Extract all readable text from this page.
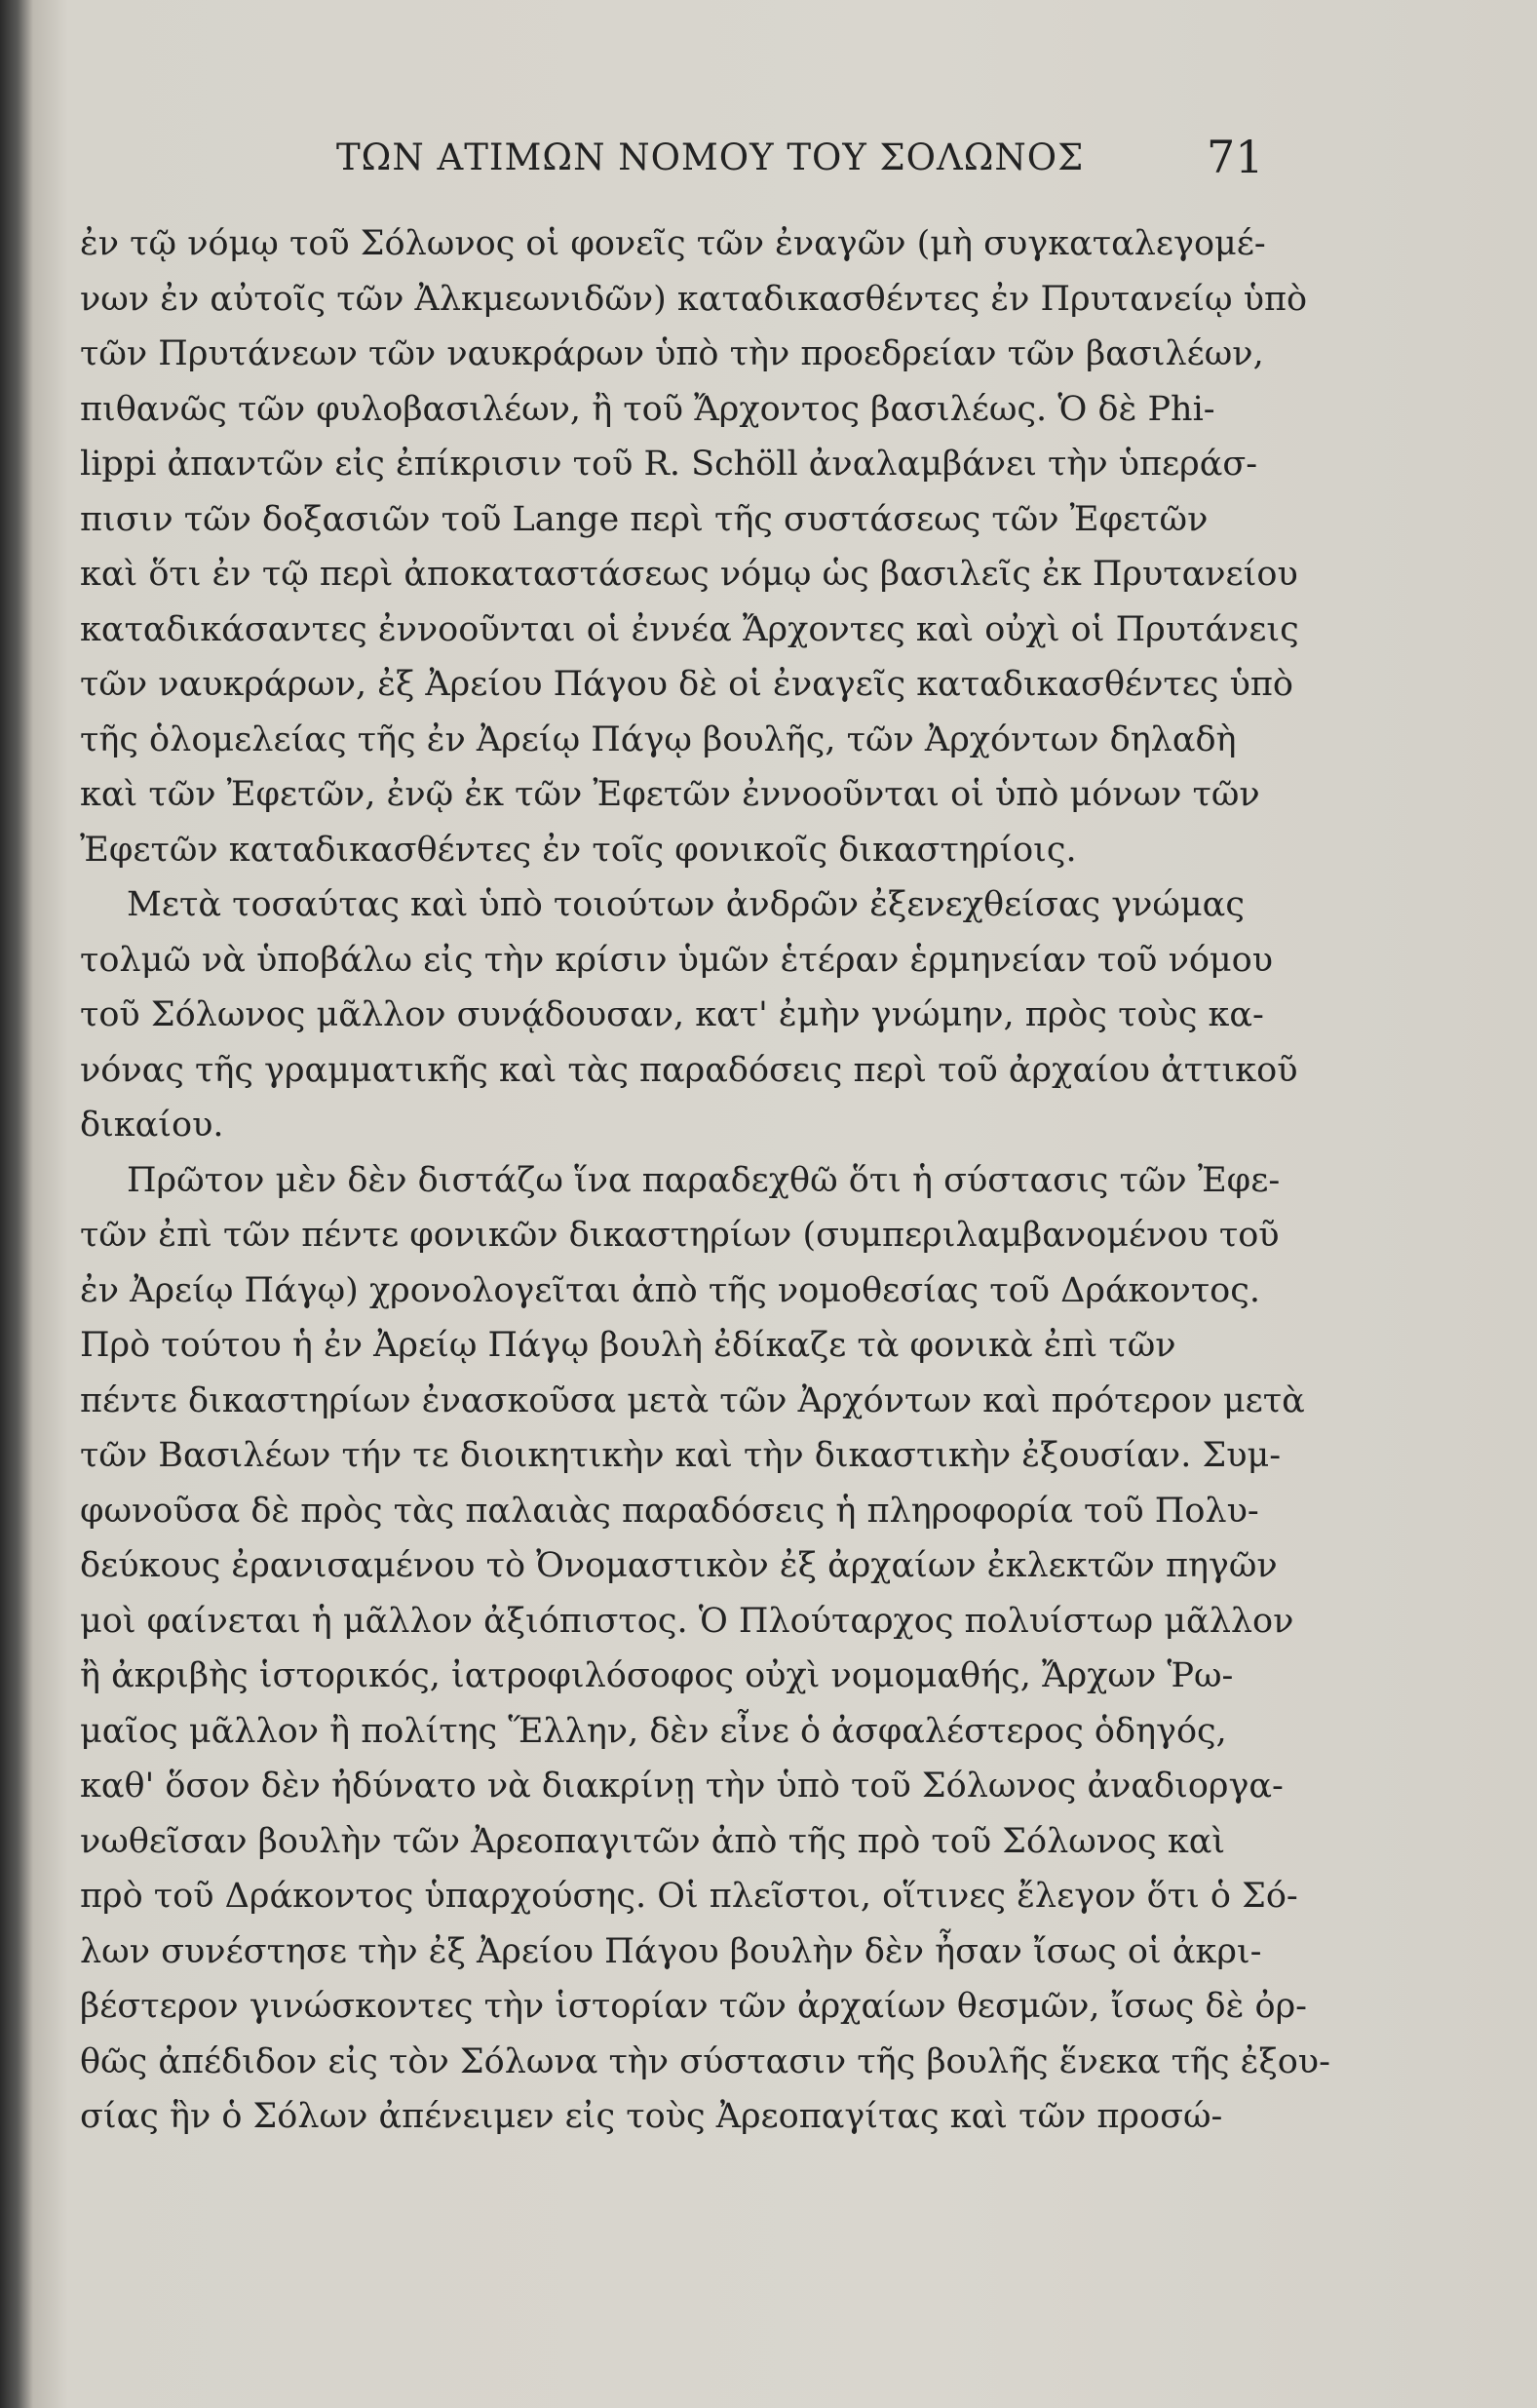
ΤΩΝ ΑΤΙΜΩΝ ΝΟΜΟΥ ΤΟΥ ΣΟΛΩΝΟΣ	71
ἐν τῷ νόμῳ τοῦ Σόλωνος οἱ φονεῖς τῶν ἐναγῶν (μὴ συγκαταλεγομέ-
νων ἐν αὐτοῖς τῶν Ἀλκμεωνιδῶν) καταδικασθέντες ἐν Πρυτανείῳ ὑπὸ
τῶν Πρυτάνεων τῶν ναυκράρων ὑπὸ τὴν προεδρείαν τῶν βασιλέων,
πιθανῶς τῶν φυλοβασιλέων, ἢ τοῦ Ἄρχοντος βασιλέως. Ὁ δὲ Phi-
lippi ἀπαντῶν εἰς ἐπίκρισιν τοῦ R. Schöll ἀναλαμβάνει τὴν ὑπεράσ-
πισιν τῶν δοξασιῶν τοῦ Lange περὶ τῆς συστάσεως τῶν Ἐφετῶν
καὶ ὅτι ἐν τῷ περὶ ἀποκαταστάσεως νόμῳ ὡς βασιλεῖς ἐκ Πρυτανείου
καταδικάσαντες ἐννοοῦνται οἱ ἐννέα Ἄρχοντες καὶ οὐχὶ οἱ Πρυτάνεις
τῶν ναυκράρων, ἐξ Ἀρείου Πάγου δὲ οἱ ἐναγεῖς καταδικασθέντες ὑπὸ
τῆς ὁλομελείας τῆς ἐν Ἀρείῳ Πάγῳ βουλῆς, τῶν Ἀρχόντων δηλαδὴ
καὶ τῶν Ἐφετῶν, ἐνῷ ἐκ τῶν Ἐφετῶν ἐννοοῦνται οἱ ὑπὸ μόνων τῶν
Ἐφετῶν καταδικασθέντες ἐν τοῖς φονικοῖς δικαστηρίοις.
Μετὰ τοσαύτας καὶ ὑπὸ τοιούτων ἀνδρῶν ἐξενεχθείσας γνώμας
τολμῶ νὰ ὑποβάλω εἰς τὴν κρίσιν ὑμῶν ἑτέραν ἑρμηνείαν τοῦ νόμου
τοῦ Σόλωνος μᾶλλον συνᾴδουσαν, κατ' ἐμὴν γνώμην, πρὸς τοὺς κα-
νόνας τῆς γραμματικῆς καὶ τὰς παραδόσεις περὶ τοῦ ἀρχαίου ἀττικοῦ
δικαίου.
Πρῶτον μὲν δὲν διστάζω ἵνα παραδεχθῶ ὅτι ἡ σύστασις τῶν Ἐφε-
τῶν ἐπὶ τῶν πέντε φονικῶν δικαστηρίων (συμπεριλαμβανομένου τοῦ
ἐν Ἀρείῳ Πάγῳ) χρονολογεῖται ἀπὸ τῆς νομοθεσίας τοῦ Δράκοντος.
Πρὸ τούτου ἡ ἐν Ἀρείῳ Πάγῳ βουλὴ ἐδίκαζε τὰ φονικὰ ἐπὶ τῶν
πέντε δικαστηρίων ἐνασκοῦσα μετὰ τῶν Ἀρχόντων καὶ πρότερον μετὰ
τῶν Βασιλέων τήν τε διοικητικὴν καὶ τὴν δικαστικὴν ἐξουσίαν. Συμ-
φωνοῦσα δὲ πρὸς τὰς παλαιὰς παραδόσεις ἡ πληροφορία τοῦ Πολυ-
δεύκους ἐρανισαμένου τὸ Ὀνομαστικὸν ἐξ ἀρχαίων ἐκλεκτῶν πηγῶν
μοὶ φαίνεται ἡ μᾶλλον ἀξιόπιστος. Ὁ Πλούταρχος πολυίστωρ μᾶλλον
ἢ ἀκριβὴς ἱστορικός, ἰατροφιλόσοφος οὐχὶ νομομαθής, Ἄρχων Ῥω-
μαῖος μᾶλλον ἢ πολίτης Ἕλλην, δὲν εἶνε ὁ ἀσφαλέστερος ὁδηγός,
καθ' ὅσον δὲν ἠδύνατο νὰ διακρίνῃ τὴν ὑπὸ τοῦ Σόλωνος ἀναδιοργα-
νωθεῖσαν βουλὴν τῶν Ἀρεοπαγιτῶν ἀπὸ τῆς πρὸ τοῦ Σόλωνος καὶ
πρὸ τοῦ Δράκοντος ὑπαρχούσης. Οἱ πλεῖστοι, οἵτινες ἔλεγον ὅτι ὁ Σό-
λων συνέστησε τὴν ἐξ Ἀρείου Πάγου βουλὴν δὲν ἦσαν ἴσως οἱ ἀκρι-
βέστερον γινώσκοντες τὴν ἱστορίαν τῶν ἀρχαίων θεσμῶν, ἴσως δὲ ὀρ-
θῶς ἀπέδιδον εἰς τὸν Σόλωνα τὴν σύστασιν τῆς βουλῆς ἕνεκα τῆς ἐξου-
σίας ἣν ὁ Σόλων ἀπένειμεν εἰς τοὺς Ἀρεοπαγίτας καὶ τῶν προσώ-
